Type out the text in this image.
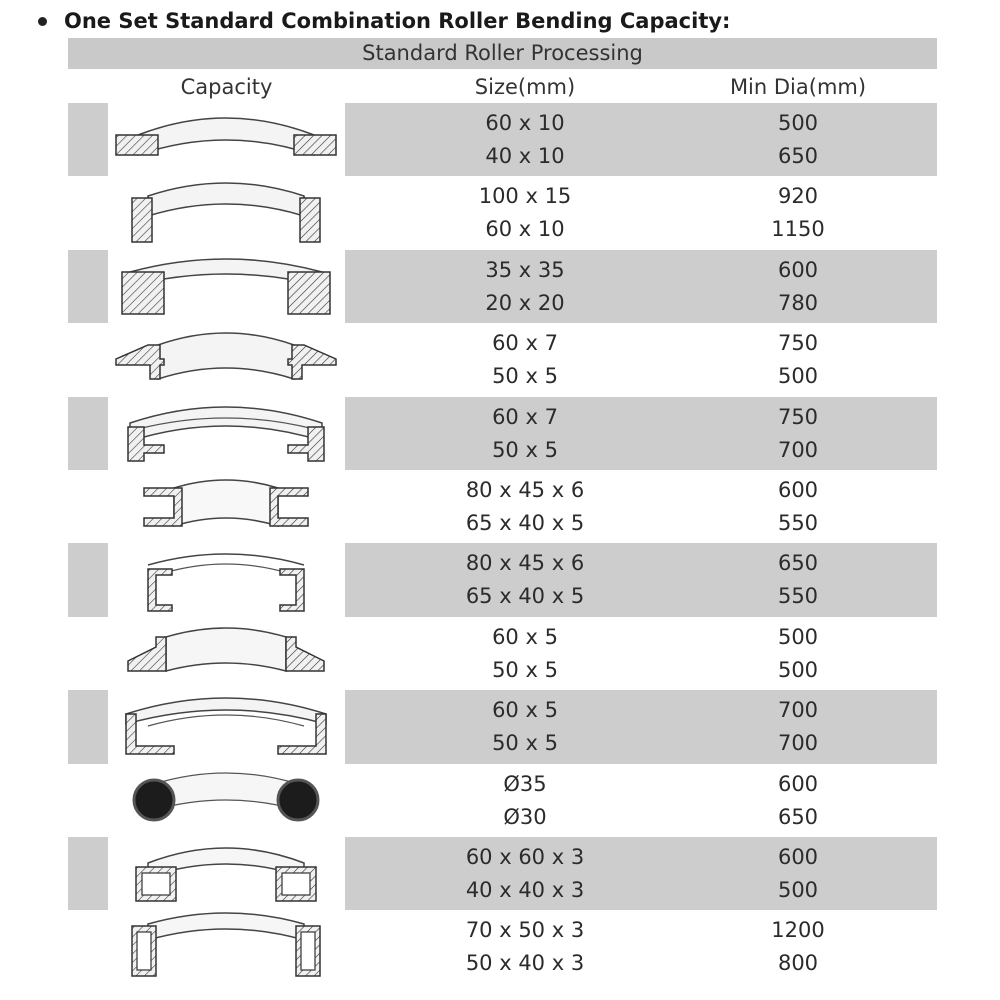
One Set Standard Combination Roller Bending Capacity:
Standard Roller Processing
Capacity	Size(mm)	Min Dia(mm)
60 x 10
40 x 10
500
650
100 x 15
60 x 10
920
1150
35 x 35
20 x 20
600
780
60 x 7
50 x 5
750
500
60 x 7
50 x 5
750
700
80 x 45 x 6
65 x 40 x 5
600
550
80 x 45 x 6
65 x 40 x 5
650
550
60 x 5
50 x 5
500
500
60 x 5
50 x 5
700
700
Ø35
Ø30
600
650
60 x 60 x 3
40 x 40 x 3
600
500
70 x 50 x 3
50 x 40 x 3
1200
800
